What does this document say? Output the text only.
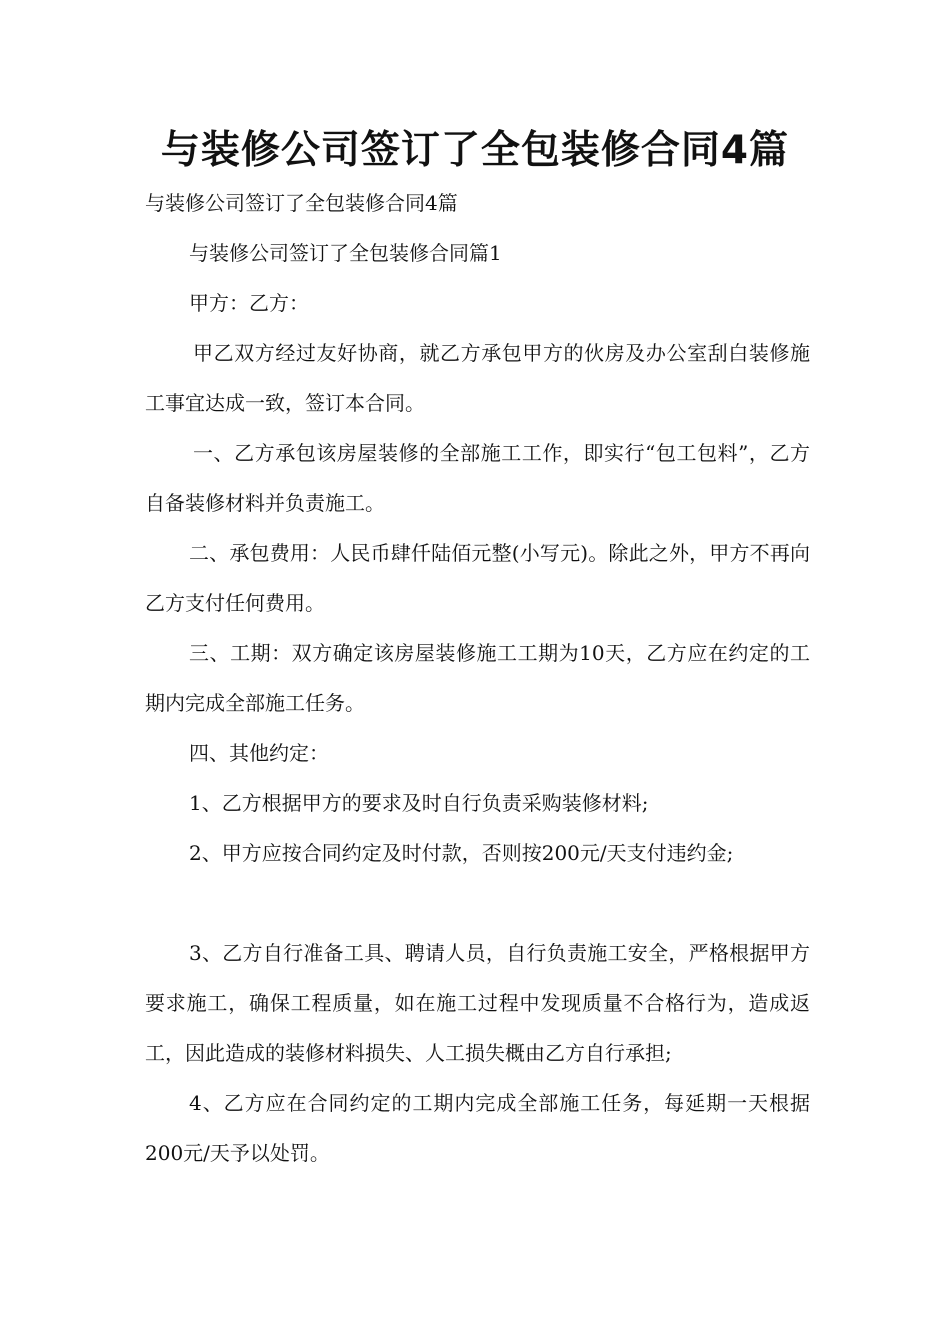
与装修公司签订了全包装修合同4篇

与装修公司签订了全包装修合同4篇

与装修公司签订了全包装修合同篇1

甲方：乙方：

甲乙双方经过友好协商，就乙方承包甲方的伙房及办公室刮白装修施工事宜达成一致，签订本合同。

一、乙方承包该房屋装修的全部施工工作，即实行“包工包料”，乙方自备装修材料并负责施工。

二、承包费用：人民币肆仟陆佰元整(小写元)。除此之外，甲方不再向乙方支付任何费用。

三、工期：双方确定该房屋装修施工工期为10天，乙方应在约定的工期内完成全部施工任务。

四、其他约定：

1、乙方根据甲方的要求及时自行负责采购装修材料;

2、甲方应按合同约定及时付款，否则按200元/天支付违约金;

3、乙方自行准备工具、聘请人员，自行负责施工安全，严格根据甲方要求施工，确保工程质量，如在施工过程中发现质量不合格行为，造成返工，因此造成的装修材料损失、人工损失概由乙方自行承担;

4、乙方应在合同约定的工期内完成全部施工任务，每延期一天根据200元/天予以处罚。
